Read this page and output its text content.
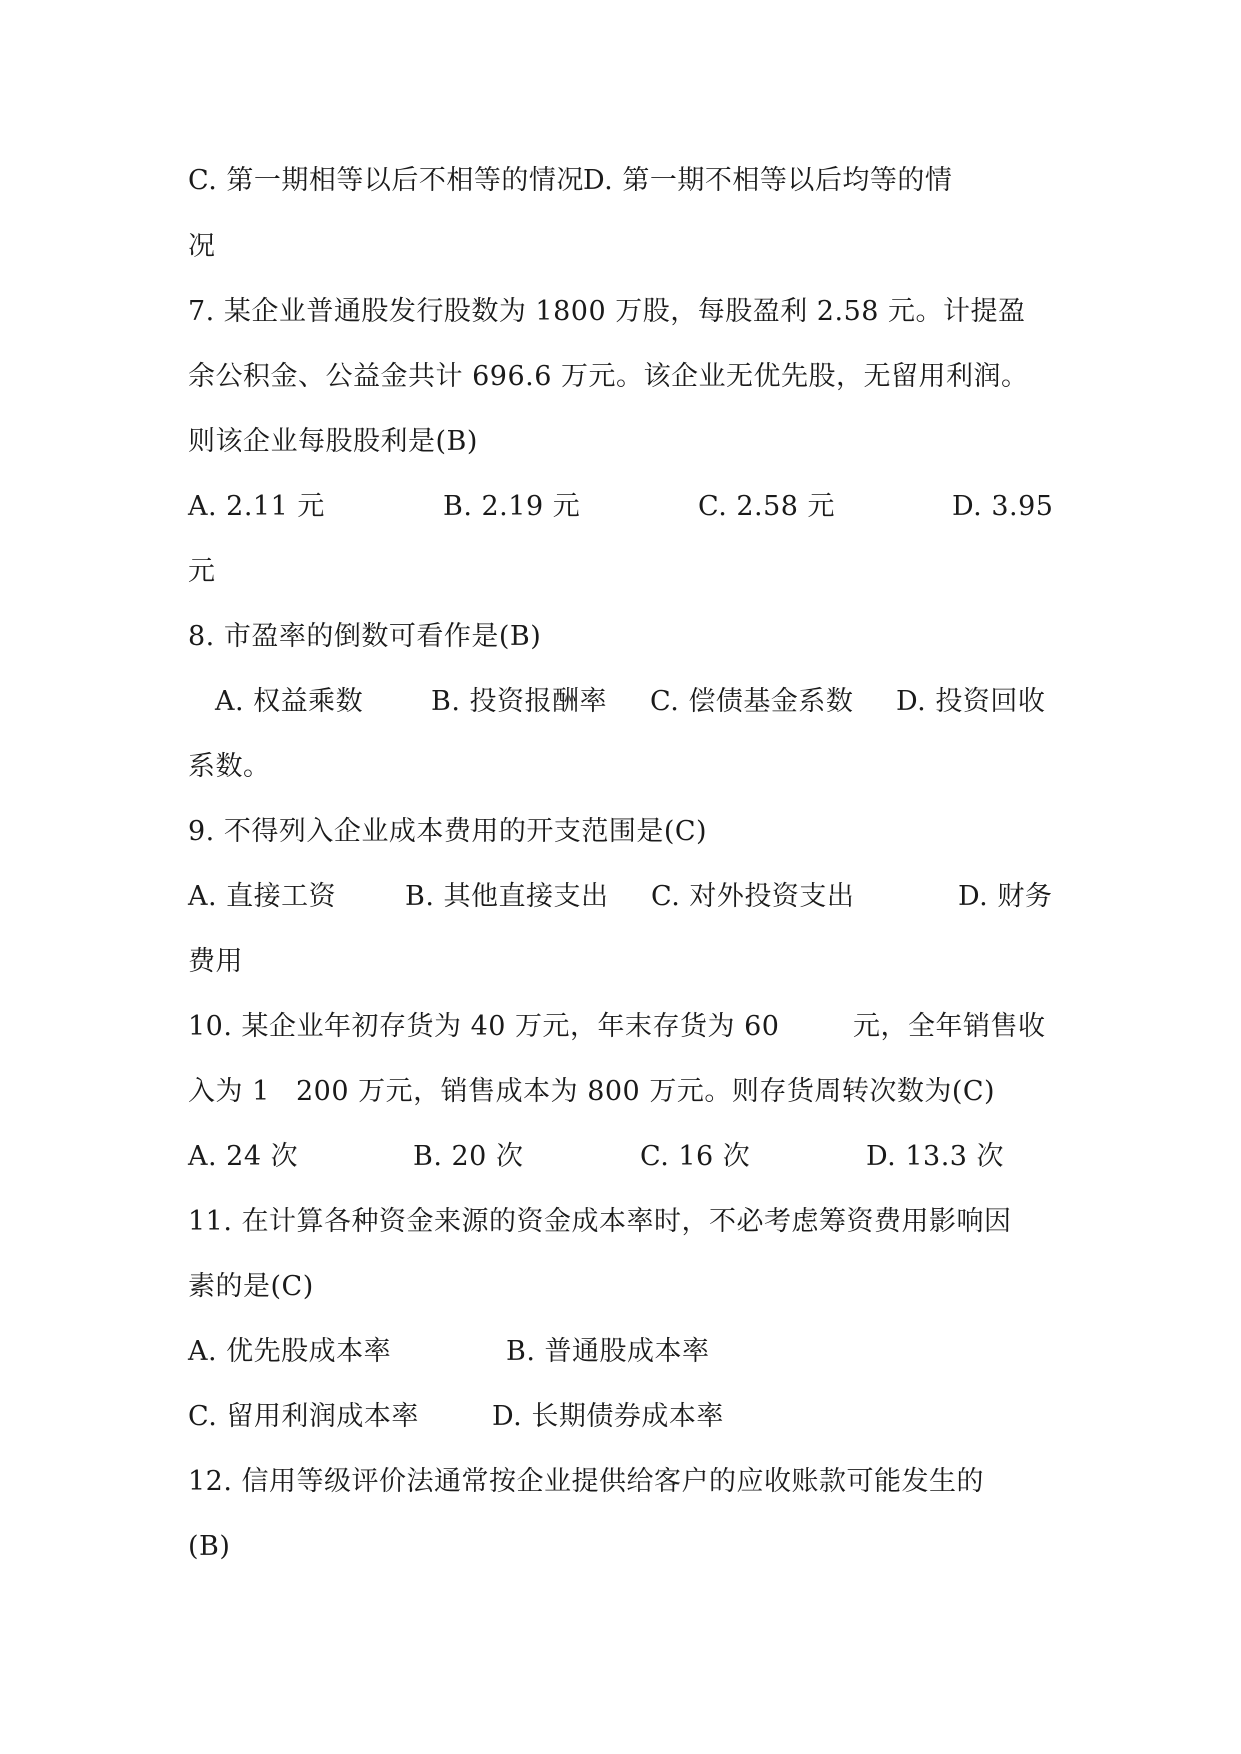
C. 第一期相等以后不相等的情况

D. 第一期不相等以后均等的情

况

7. 某企业普通股发行股数为 1800 万股，每股盈利 2.58 元。计提盈

余公积金、公益金共计 696.6 万元。该企业无优先股，无留用利润。

则该企业每股股利是(B)

A. 2.11 元

	B. 2.19 元

	C. 2.58 元

	D. 3.95

元

8. 市盈率的倒数可看作是(B)

A. 权益乘数

	B. 投资报酬率

C. 偿债基金系数

D. 投资回收

系数。

9. 不得列入企业成本费用的开支范围是(C)

A. 直接工资

	B. 其他直接支出

C. 对外投资支出

	D. 财务

费用

10. 某企业年初存货为 40 万元，年末存货为 60

	元，全年销售收

入为 1

200 万元，销售成本为 800 万元。则存货周转次数为(C)

A. 24 次

	B. 20 次

	C. 16 次

	D. 13.3 次

11. 在计算各种资金来源的资金成本率时，不必考虑筹资费用影响因

素的是(C)

A. 优先股成本率

	B. 普通股成本率

C. 留用利润成本率

	D. 长期债券成本率

12. 信用等级评价法通常按企业提供给客户的应收账款可能发生的

(B)
